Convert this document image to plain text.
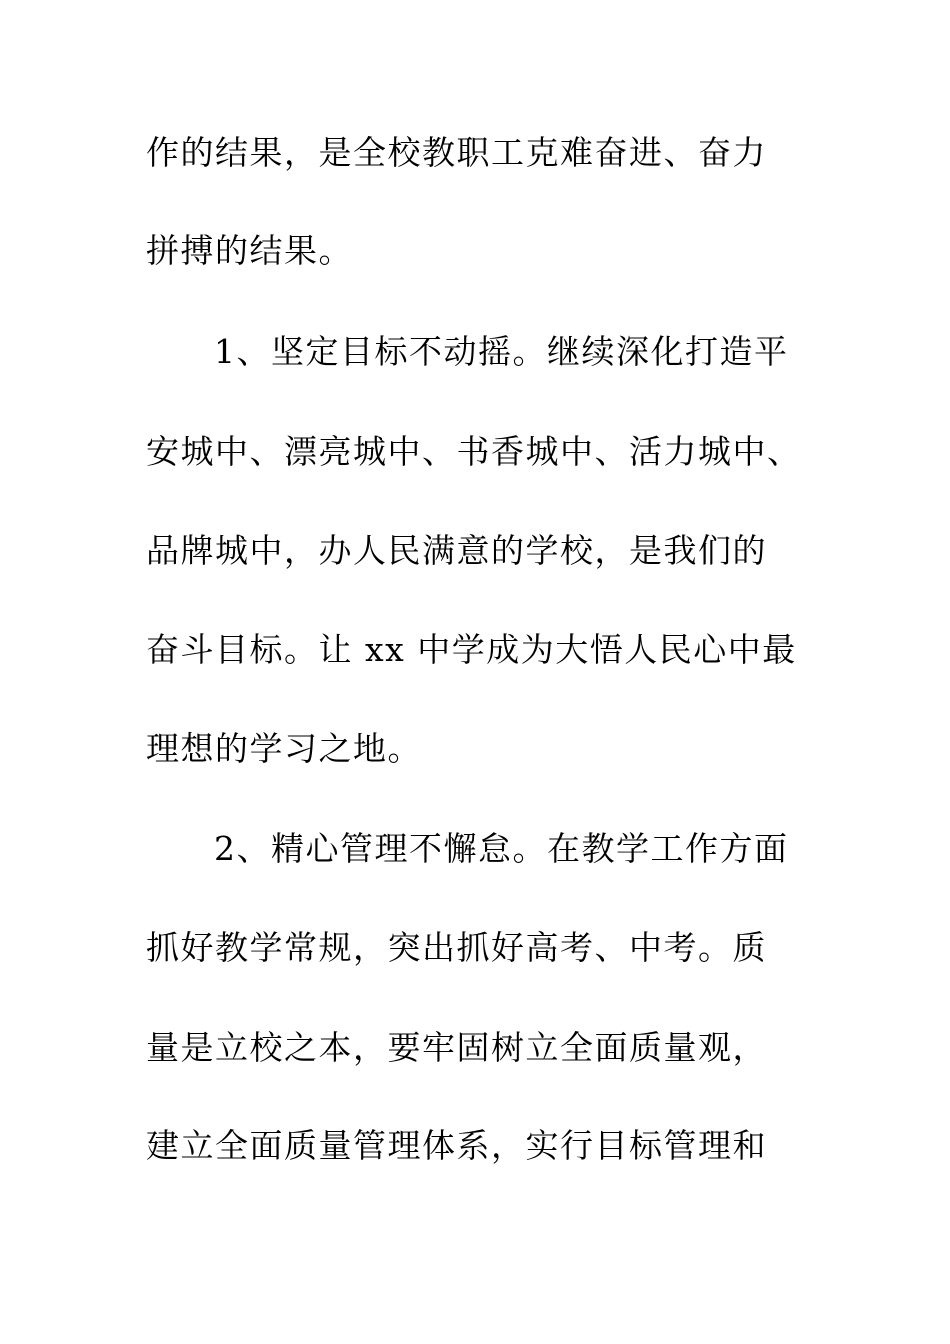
作的结果，是全校教职工克难奋进、奋力
拼搏的结果。
1、坚定目标不动摇。继续深化打造平
安城中、漂亮城中、书香城中、活力城中、
品牌城中，办人民满意的学校，是我们的
奋斗目标。让 xx 中学成为大悟人民心中最
理想的学习之地。
2、精心管理不懈怠。在教学工作方面
抓好教学常规，突出抓好高考、中考。质
量是立校之本，要牢固树立全面质量观，
建立全面质量管理体系，实行目标管理和
